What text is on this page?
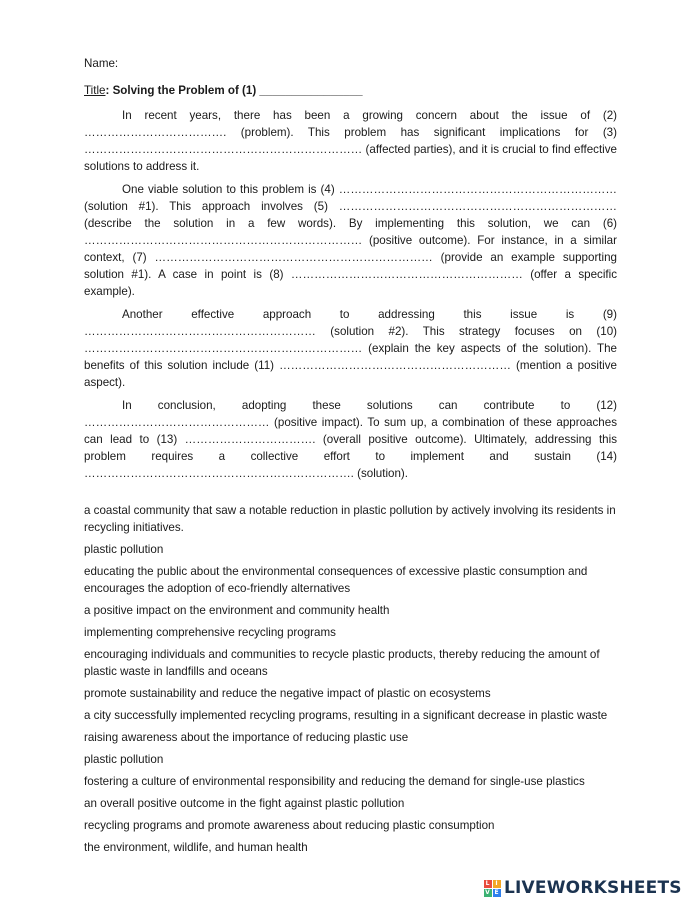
Name:
Title: Solving the Problem of (1) ________________

In recent years, there has been a growing concern about the issue of (2) ………………………………. (problem). This problem has significant implications for (3) ……………………………………………………………… (affected parties), and it is crucial to find effective solutions to address it.

One viable solution to this problem is (4) ……………………………………………………………… (solution #1). This approach involves (5) ……………………………………………………………… (describe the solution in a few words). By implementing this solution, we can (6) ……………………………………………………………… (positive outcome). For instance, in a similar context, (7) ……………………………………………………………… (provide an example supporting solution #1). A case in point is (8) …………………………………………………… (offer a specific example).

Another effective approach to addressing this issue is (9) …………………………………………………… (solution #2). This strategy focuses on (10) ……………………………………………………………… (explain the key aspects of the solution). The benefits of this solution include (11) …………………………………………………… (mention a positive aspect).

In conclusion, adopting these solutions can contribute to (12) ………………………………………… (positive impact). To sum up, a combination of these approaches can lead to (13) ……………………………. (overall positive outcome). Ultimately, addressing this problem requires a collective effort to implement and sustain (14) ……………………………………………………………. (solution).

a coastal community that saw a notable reduction in plastic pollution by actively involving its residents in recycling initiatives.
plastic pollution
educating the public about the environmental consequences of excessive plastic consumption and encourages the adoption of eco-friendly alternatives
a positive impact on the environment and community health
implementing comprehensive recycling programs
encouraging individuals and communities to recycle plastic products, thereby reducing the amount of plastic waste in landfills and oceans
promote sustainability and reduce the negative impact of plastic on ecosystems
a city successfully implemented recycling programs, resulting in a significant decrease in plastic waste
raising awareness about the importance of reducing plastic use
plastic pollution
fostering a culture of environmental responsibility and reducing the demand for single-use plastics
an overall positive outcome in the fight against plastic pollution
recycling programs and promote awareness about reducing plastic consumption
the environment, wildlife, and human health
L I
V E LIVEWORKSHEETS
